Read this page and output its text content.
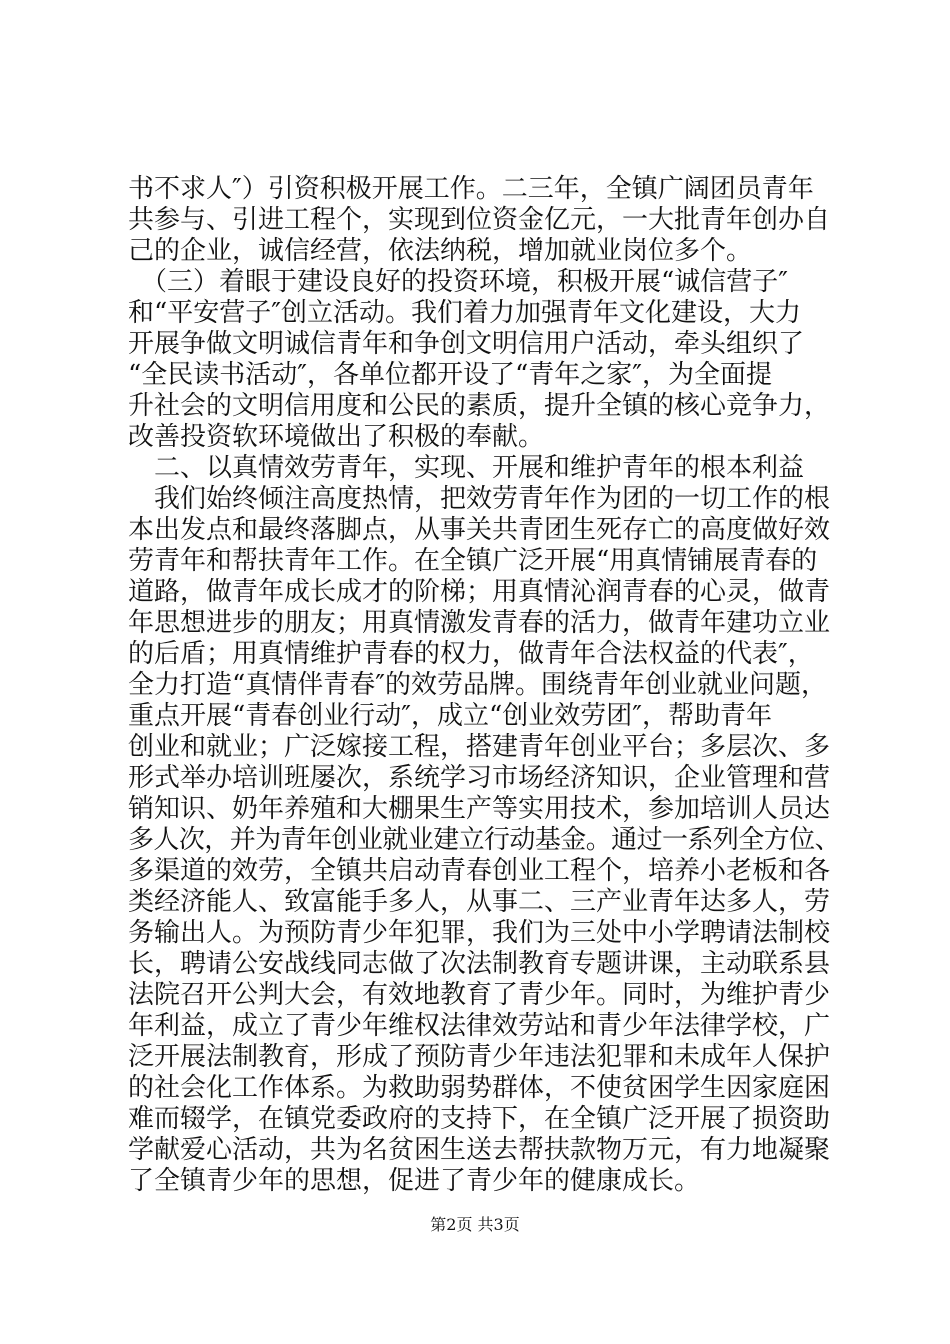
书不求人″）引资积极开展工作。二三年，全镇广阔团员青年
共参与、引进工程个，实现到位资金亿元，一大批青年创办自
己的企业，诚信经营，依法纳税，增加就业岗位多个。
　（三）着眼于建设良好的投资环境，积极开展“诚信营子″
和“平安营子″创立活动。我们着力加强青年文化建设，大力
开展争做文明诚信青年和争创文明信用户活动，牵头组织了
“全民读书活动″，各单位都开设了“青年之家″，为全面提
升社会的文明信用度和公民的素质，提升全镇的核心竞争力，
改善投资软环境做出了积极的奉献。
　二、以真情效劳青年，实现、开展和维护青年的根本利益
　我们始终倾注高度热情，把效劳青年作为团的一切工作的根
本出发点和最终落脚点，从事关共青团生死存亡的高度做好效
劳青年和帮扶青年工作。在全镇广泛开展“用真情铺展青春的
道路，做青年成长成才的阶梯；用真情沁润青春的心灵，做青
年思想进步的朋友；用真情激发青春的活力，做青年建功立业
的后盾；用真情维护青春的权力，做青年合法权益的代表″，
全力打造“真情伴青春″的效劳品牌。围绕青年创业就业问题，
重点开展“青春创业行动″，成立“创业效劳团″，帮助青年
创业和就业；广泛嫁接工程，搭建青年创业平台；多层次、多
形式举办培训班屡次，系统学习市场经济知识，企业管理和营
销知识、奶年养殖和大棚果生产等实用技术，参加培训人员达
多人次，并为青年创业就业建立行动基金。通过一系列全方位、
多渠道的效劳，全镇共启动青春创业工程个，培养小老板和各
类经济能人、致富能手多人，从事二、三产业青年达多人，劳
务输出人。为预防青少年犯罪，我们为三处中小学聘请法制校
长，聘请公安战线同志做了次法制教育专题讲课，主动联系县
法院召开公判大会，有效地教育了青少年。同时，为维护青少
年利益，成立了青少年维权法律效劳站和青少年法律学校，广
泛开展法制教育，形成了预防青少年违法犯罪和未成年人保护
的社会化工作体系。为救助弱势群体，不使贫困学生因家庭困
难而辍学，在镇党委政府的支持下，在全镇广泛开展了损资助
学献爱心活动，共为名贫困生送去帮扶款物万元，有力地凝聚
了全镇青少年的思想，促进了青少年的健康成长。
第2页 共3页
